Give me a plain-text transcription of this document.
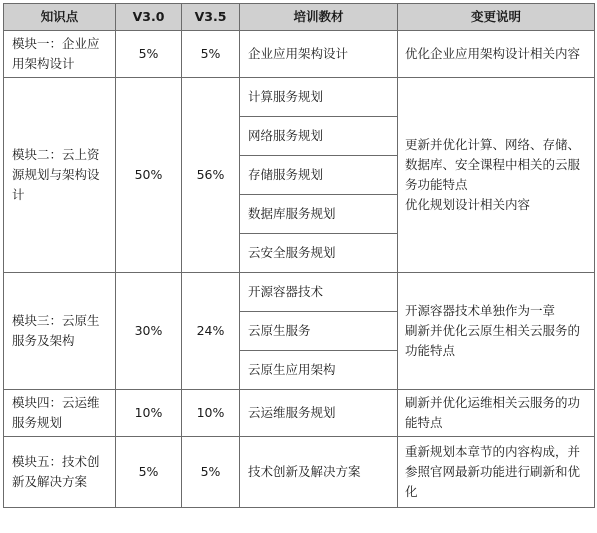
知识点	V3.0	V3.5	培训教材	变更说明
模块一：企业应用架构设计	5%	5%	企业应用架构设计	优化企业应用架构设计相关内容

模块二：云上资源规划与架构设计	50%	56%	计算服务规划	更新并优化计算、网络、存储、数据库、安全课程中相关的云服务功能特点
优化规划设计相关内容

			网络服务规划	
			存储服务规划	
			数据库服务规划	
			云安全服务规划	
模块三：云原生服务及架构	30%	24%	开源容器技术	开源容器技术单独作为一章
刷新并优化云原生相关云服务的功能特点

			云原生服务	
			云原生应用架构	
模块四：云运维服务规划	10%	10%	云运维服务规划	刷新并优化运维相关云服务的功能特点

模块五：技术创新及解决方案	5%	5%	技术创新及解决方案	重新规划本章节的内容构成，并参照官网最新功能进行刷新和优化
